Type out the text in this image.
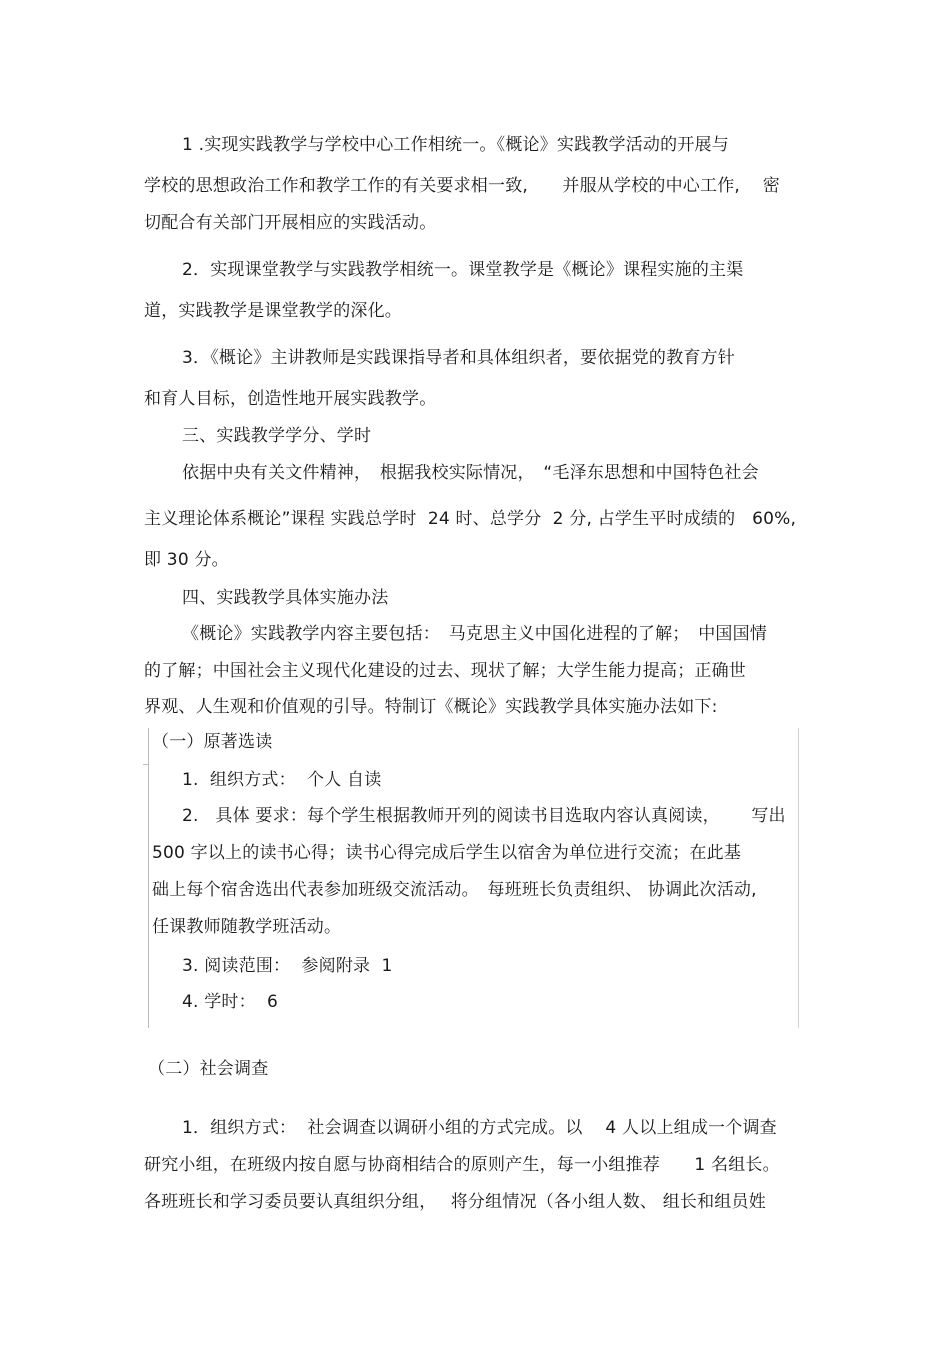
1 .实现实践教学与学校中心工作相统一。《概论》实践教学活动的开展与
学校的思想政治工作和教学工作的有关要求相一致,　　并服从学校的中心工作,　 密
切配合有关部门开展相应的实践活动。
2．实现课堂教学与实践教学相统一。课堂教学是《概论》课程实施的主渠
道，实践教学是课堂教学的深化。
3．《概论》主讲教师是实践课指导者和具体组织者，要依据党的教育方针
和育人目标，创造性地开展实践教学。
三、实践教学学分、学时
依据中央有关文件精神，　根据我校实际情况，　“毛泽东思想和中国特色社会
主义理论体系概论”课程 实践总学时  24 时、总学分  2 分, 占学生平时成绩的   60%,
即 30 分。
四、实践教学具体实施办法
《概论》实践教学内容主要包括：　马克思主义中国化进程的了解；　中国国情
的了解；中国社会主义现代化建设的过去、现状了解；大学生能力提高；正确世
界观、人生观和价值观的引导。特制订《概论》实践教学具体实施办法如下:
（一）原著选读
1.  组织方式：  个人 自读
2.   具体 要求：每个学生根据教师开列的阅读书目选取内容认真阅读，　　 写出
500 字以上的读书心得；读书心得完成后学生以宿舍为单位进行交流；在此基
础上每个宿舍选出代表参加班级交流活动。　每班班长负责组织、 协调此次活动,
任课教师随教学班活动。
3. 阅读范围：  参阅附录  1
4. 学时：  6
（二）社会调查
1．组织方式：  社会调查以调研小组的方式完成。以　 4 人以上组成一个调查
研究小组，在班级内按自愿与协商相结合的原则产生，每一小组推荐　　1 名组长。
各班班长和学习委员要认真组织分组，　 将分组情况（各小组人数、 组长和组员姓
